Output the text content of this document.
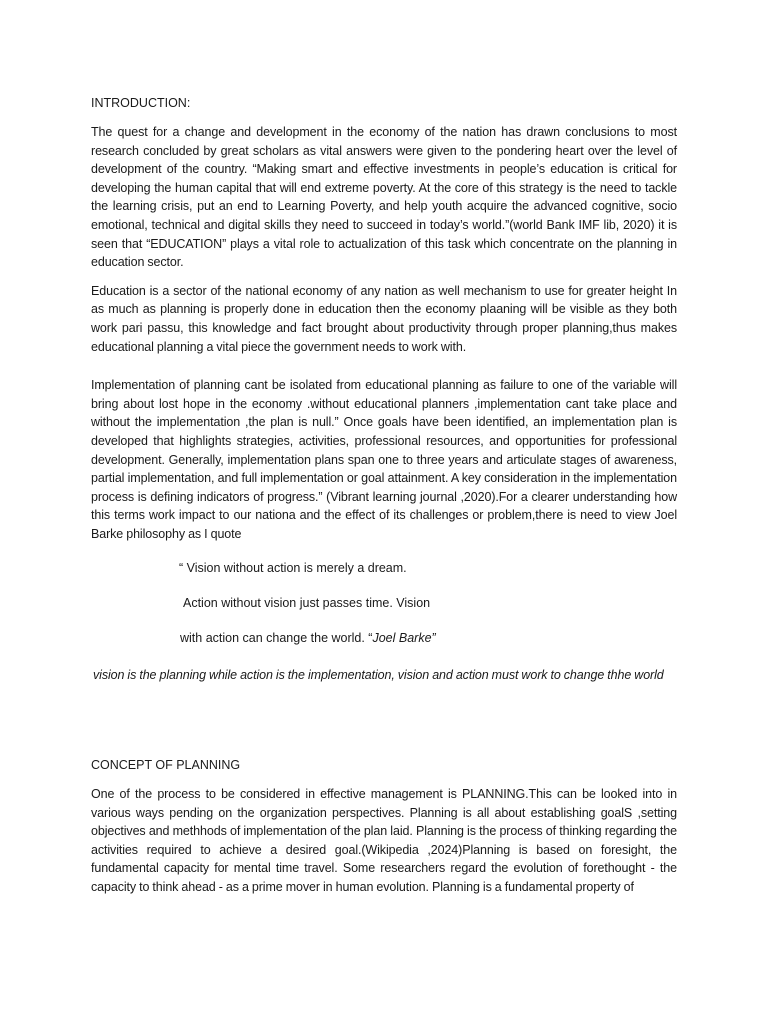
INTRODUCTION:

The quest for a change and development in the economy of the nation has drawn conclusions to most research concluded by great scholars as vital answers were given to the pondering heart over the level of development of the country. “Making smart and effective investments in people’s education is critical for developing the human capital that will end extreme poverty. At the core of this strategy is the need to tackle the learning crisis, put an end to Learning Poverty, and help youth acquire the advanced cognitive, socio emotional, technical and digital skills they need to succeed in today’s world.”(world Bank IMF lib, 2020) it is seen that “EDUCATION” plays a vital role to actualization of this task which concentrate on the planning in education sector.

Education is a sector of the national economy of any nation as well mechanism to use for greater height In as much as planning is properly done in education then the economy plaaning will be visible as they both work pari passu, this knowledge and fact brought about productivity through proper planning,thus makes educational planning a vital piece the government needs to work with.

Implementation of planning cant be isolated from educational planning as failure to one of the variable will bring about lost hope in the economy .without educational planners ,implementation cant take place and without the implementation ,the plan is null.” Once goals have been identified, an implementation plan is developed that highlights strategies, activities, professional resources, and opportunities for professional development. Generally, implementation plans span one to three years and articulate stages of awareness, partial implementation, and full implementation or goal attainment. A key consideration in the implementation process is defining indicators of progress.” (Vibrant learning journal ,2020).For a clearer understanding how this terms work impact to our nationa and the effect of its challenges or problem,there is need to view Joel Barke philosophy as I quote

“ Vision without action is merely a dream.

Action without vision just passes time. Vision

with action can change the world. “Joel Barke”

vision is the planning while action is the implementation, vision and action must work to change thhe world

CONCEPT OF PLANNING

One of the process to be considered in effective management is PLANNING.This can be looked into in various ways pending on the organization perspectives. Planning is all about establishing goalS ,setting objectives and methhods of implementation of the plan laid. Planning is the process of thinking regarding the activities required to achieve a desired goal.(Wikipedia ,2024)Planning is based on foresight, the fundamental capacity for mental time travel. Some researchers regard the evolution of forethought - the capacity to think ahead - as a prime mover in human evolution. Planning is a fundamental property of
